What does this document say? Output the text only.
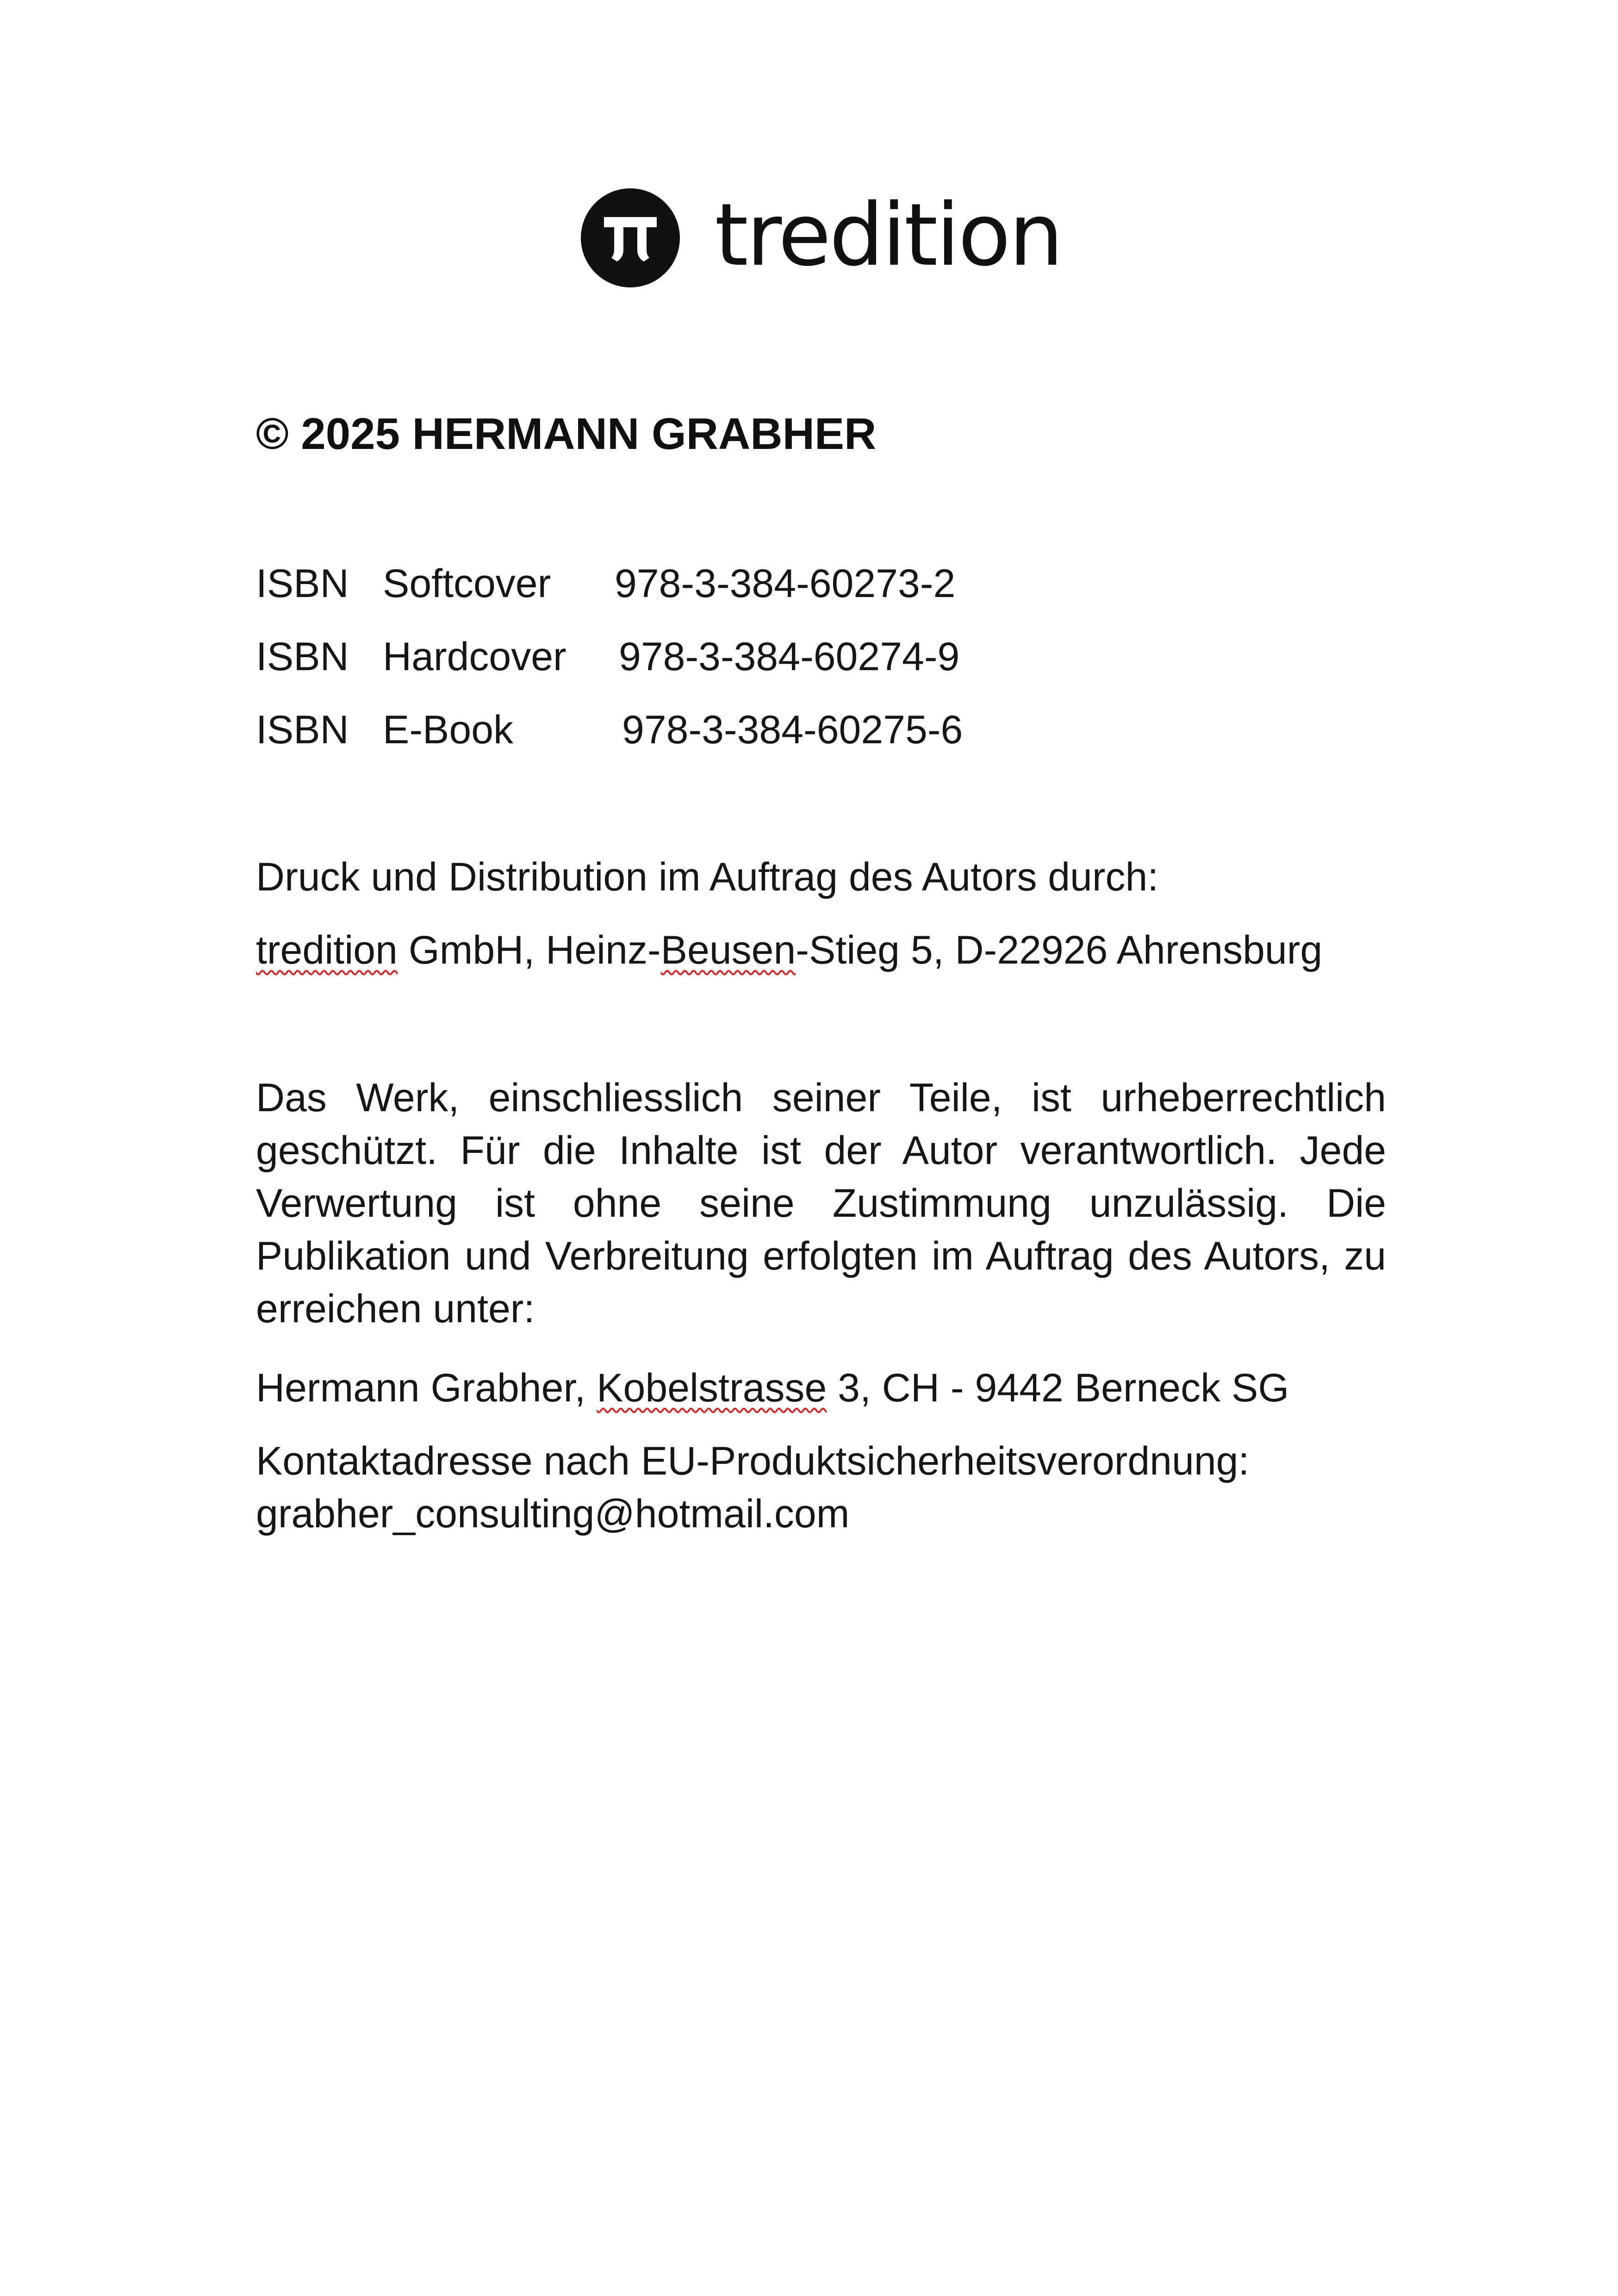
tredition
© 2025 HERMANN GRABHER
ISBN Softcover 978-3-384-60273-2
ISBN Hardcover 978-3-384-60274-9
ISBN E-Book	978-3-384-60275-6
Druck und Distribution im Auftrag des Autors durch:
tredition GmbH, Heinz-Beusen-Stieg 5, D-22926 Ahrensburg
Das Werk, einschliesslich seiner Teile, ist urheberrechtlich geschützt. Für die Inhalte ist der Autor verantwortlich. Jede Verwertung ist ohne seine Zustimmung unzulässig. Die Publikation und Verbreitung erfolgten im Auftrag des Autors, zu erreichen unter:
Hermann Grabher, Kobelstrasse 3, CH - 9442 Berneck SG
Kontaktadresse nach EU-Produktsicherheitsverordnung:
grabher_consulting@hotmail.com
